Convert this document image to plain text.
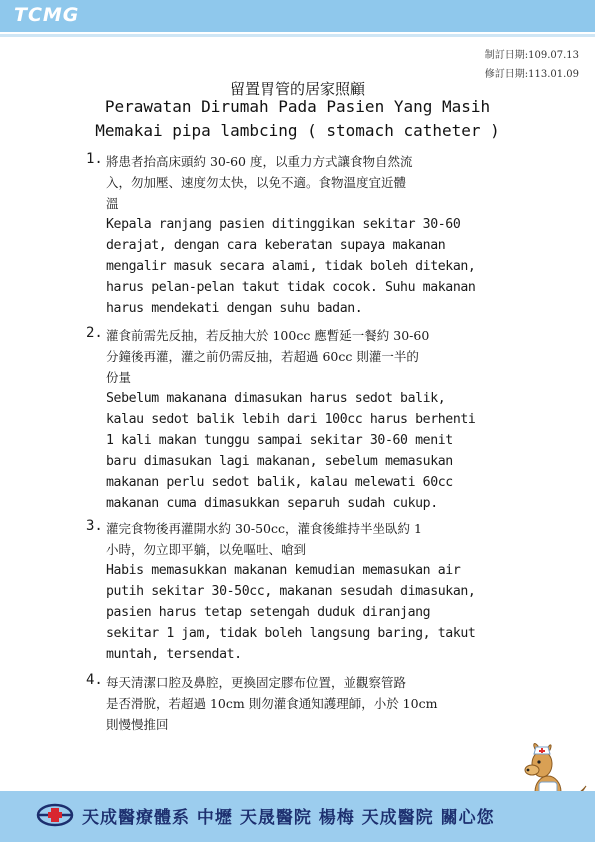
TCMG
制訂日期:109.07.13
修訂日期:113.01.09
留置胃管的居家照顧
Perawatan Dirumah Pada Pasien Yang Masih
Memakai pipa lambcing ( stomach catheter )
1. 將患者抬高床頭約 30-60 度，以重力方式讓食物自然流
入，勿加壓、速度勿太快，以免不適。食物溫度宜近體
溫
Kepala ranjang pasien ditinggikan sekitar 30-60
derajat, dengan cara keberatan supaya makanan
mengalir masuk secara alami, tidak boleh ditekan,
harus pelan-pelan takut tidak cocok. Suhu makanan
harus mendekati dengan suhu badan.
2. 灌食前需先反抽，若反抽大於 100cc 應暫延一餐約 30-60
分鐘後再灌，灌之前仍需反抽，若超過 60cc 則灌一半的
份量
Sebelum makanana dimasukan harus sedot balik,
kalau sedot balik lebih dari 100cc harus berhenti
1 kali makan tunggu sampai sekitar 30-60 menit
baru dimasukan lagi makanan, sebelum memasukan
makanan perlu sedot balik, kalau melewati 60cc
makanan cuma dimasukkan separuh sudah cukup.
3. 灌完食物後再灌開水約 30-50cc，灌食後維持半坐臥約 1
小時，勿立即平躺，以免嘔吐、嗆到
Habis memasukkan makanan kemudian memasukan air
putih sekitar 30-50cc, makanan sesudah dimasukan,
pasien harus tetap setengah duduk diranjang
sekitar 1 jam, tidak boleh langsung baring, takut
muntah, tersendat.
4. 每天清潔口腔及鼻腔，更換固定膠布位置，並觀察管路
是否滑脫，若超過 10cm 則勿灌食通知護理師，小於 10cm
則慢慢推回
天成醫療體系 中壢 天晟醫院 楊梅 天成醫院 關心您
